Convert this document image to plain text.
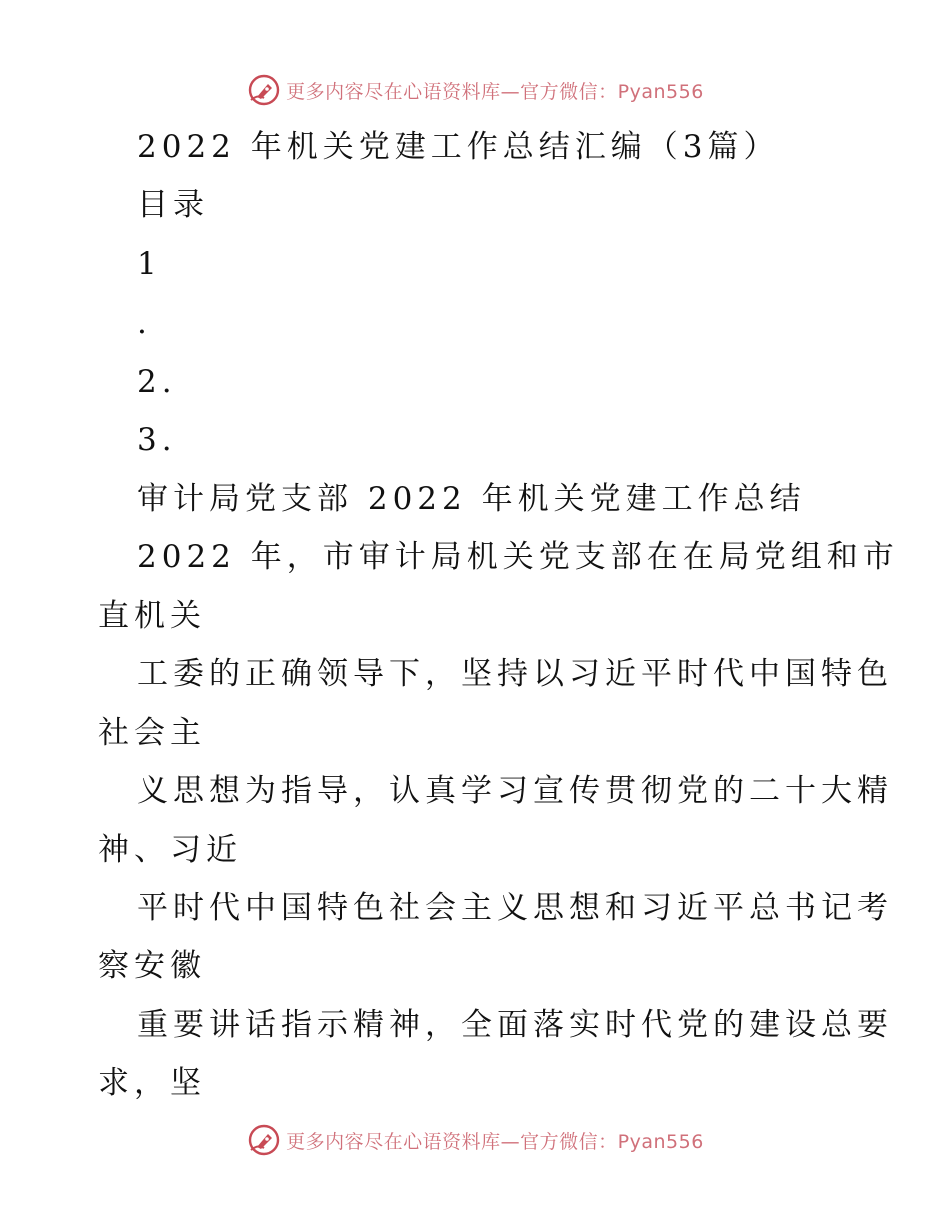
更多内容尽在心语资料库—官方微信：Pyan556
2022 年机关党建工作总结汇编（3篇）
目录
1
.
2.
3.
审计局党支部 2022 年机关党建工作总结
2022 年，市审计局机关党支部在在局党组和市
直机关
工委的正确领导下，坚持以习近平时代中国特色
社会主
义思想为指导，认真学习宣传贯彻党的二十大精
神、习近
平时代中国特色社会主义思想和习近平总书记考
察安徽
重要讲话指示精神，全面落实时代党的建设总要
求，坚
更多内容尽在心语资料库—官方微信：Pyan556
